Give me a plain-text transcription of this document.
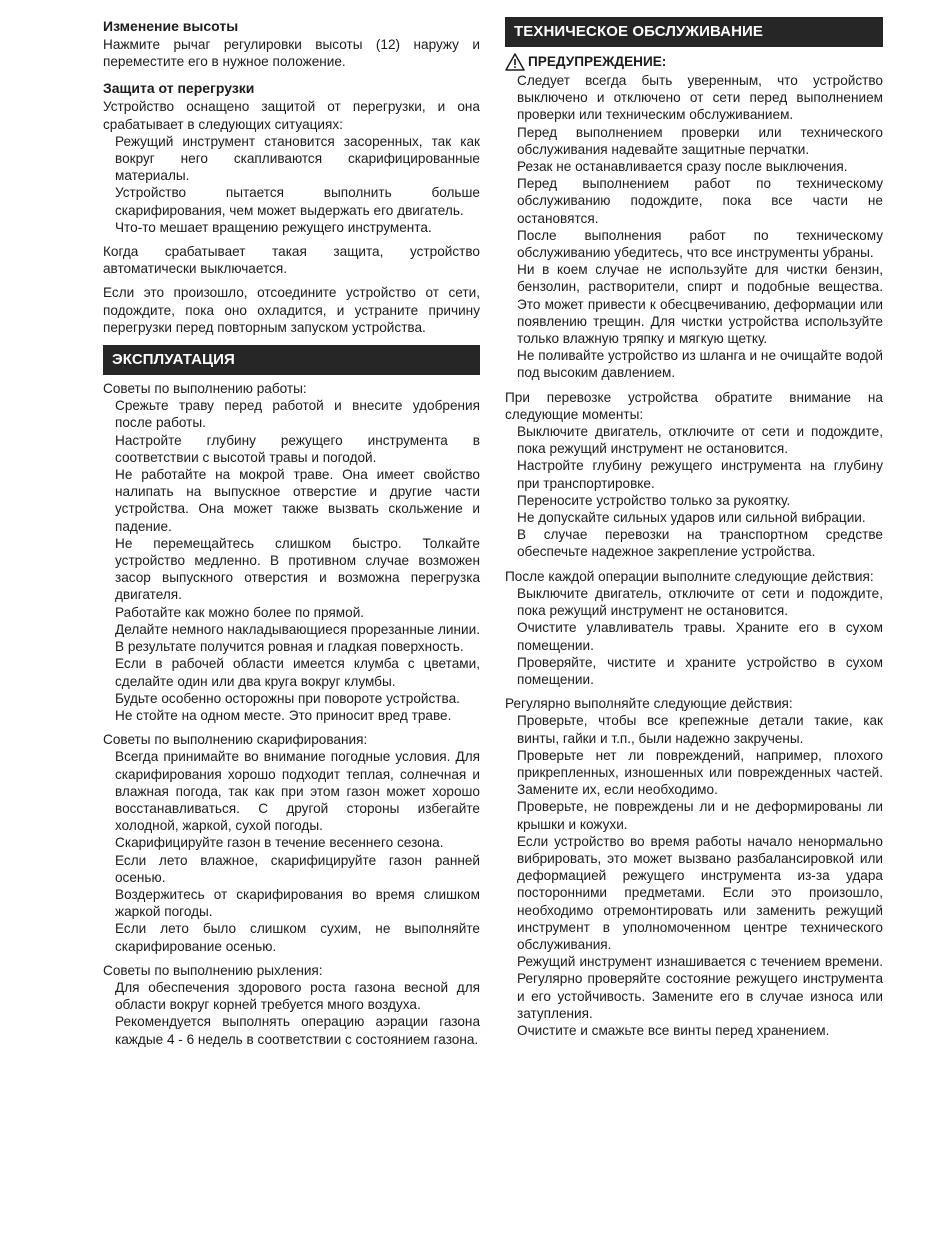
Изменение высоты

Нажмите рычаг регулировки высоты (12) наружу и переместите его в нужное положение.

Защита от перегрузки

Устройство оснащено защитой от перегрузки, и она срабатывает в следующих ситуациях:

Режущий инструмент становится засоренных, так как вокруг него скапливаются скарифицированные материалы.

Устройство пытается выполнить больше скарифирования, чем может выдержать его двигатель.

Что-то мешает вращению режущего инструмента.

Когда срабатывает такая защита, устройство автоматически выключается.

Если это произошло, отсоедините устройство от сети, подождите, пока оно охладится, и устраните причину перегрузки перед повторным запуском устройства.

ЭКСПЛУАТАЦИЯ

Советы по выполнению работы:

Срежьте траву перед работой и внесите удобрения после работы.

Настройте глубину режущего инструмента в соответствии с высотой травы и погодой.

Не работайте на мокрой траве. Она имеет свойство налипать на выпускное отверстие и другие части устройства. Она может также вызвать скольжение и падение.

Не перемещайтесь слишком быстро. Толкайте устройство медленно. В противном случае возможен засор выпускного отверстия и возможна перегрузка двигателя.

Работайте как можно более по прямой.

Делайте немного накладывающиеся прорезанные линии. В результате получится ровная и гладкая поверхность.

Если в рабочей области имеется клумба с цветами, сделайте один или два круга вокруг клумбы.

Будьте особенно осторожны при повороте устройства.

Не стойте на одном месте. Это приносит вред траве.

Советы по выполнению скарифирования:

Всегда принимайте во внимание погодные условия. Для скарифирования хорошо подходит теплая, солнечная и влажная погода, так как при этом газон может хорошо восстанавливаться. С другой стороны избегайте холодной, жаркой, сухой погоды.

Скарифицируйте газон в течение весеннего сезона.

Если лето влажное, скарифицируйте газон ранней осенью.

Воздержитесь от скарифирования во время слишком жаркой погоды.

Если лето было слишком сухим, не выполняйте скарифирование осенью.

Советы по выполнению рыхления:

Для обеспечения здорового роста газона весной для области вокруг корней требуется много воздуха.

Рекомендуется выполнять операцию аэрации газона каждые 4 - 6 недель в соответствии с состоянием газона.

ТЕХНИЧЕСКОЕ ОБСЛУЖИВАНИЕ
ПРЕДУПРЕЖДЕНИЕ:

Следует всегда быть уверенным, что устройство выключено и отключено от сети перед выполнением проверки или техническим обслуживанием.

Перед выполнением проверки или технического обслуживания надевайте защитные перчатки.

Резак не останавливается сразу после выключения.

Перед выполнением работ по техническому обслуживанию подождите, пока все части не остановятся.

После выполнения работ по техническому обслуживанию убедитесь, что все инструменты убраны.

Ни в коем случае не используйте для чистки бензин, бензолин, растворители, спирт и подобные вещества. Это может привести к обесцвечиванию, деформации или появлению трещин. Для чистки устройства используйте только влажную тряпку и мягкую щетку.

Не поливайте устройство из шланга и не очищайте водой под высоким давлением.

При перевозке устройства обратите внимание на следующие моменты:

Выключите двигатель, отключите от сети и подождите, пока режущий инструмент не остановится.

Настройте глубину режущего инструмента на глубину при транспортировке.

Переносите устройство только за рукоятку.

Не допускайте сильных ударов или сильной вибрации.

В случае перевозки на транспортном средстве обеспечьте надежное закрепление устройства.

После каждой операции выполните следующие действия:

Выключите двигатель, отключите от сети и подождите, пока режущий инструмент не остановится.

Очистите улавливатель травы. Храните его в сухом помещении.

Проверяйте, чистите и храните устройство в сухом помещении.

Регулярно выполняйте следующие действия:

Проверьте, чтобы все крепежные детали такие, как винты, гайки и т.п., были надежно закручены.

Проверьте нет ли повреждений, например, плохого прикрепленных, изношенных или поврежденных частей. Замените их, если необходимо.

Проверьте, не повреждены ли и не деформированы ли крышки и кожухи.

Если устройство во время работы начало ненормально вибрировать, это может вызвано разбалансировкой или деформацией режущего инструмента из-за удара посторонними предметами. Если это произошло, необходимо отремонтировать или заменить режущий инструмент в уполномоченном центре технического обслуживания.

Режущий инструмент изнашивается с течением времени. Регулярно проверяйте состояние режущего инструмента и его устойчивость. Замените его в случае износа или затупления.

Очистите и смажьте все винты перед хранением.
